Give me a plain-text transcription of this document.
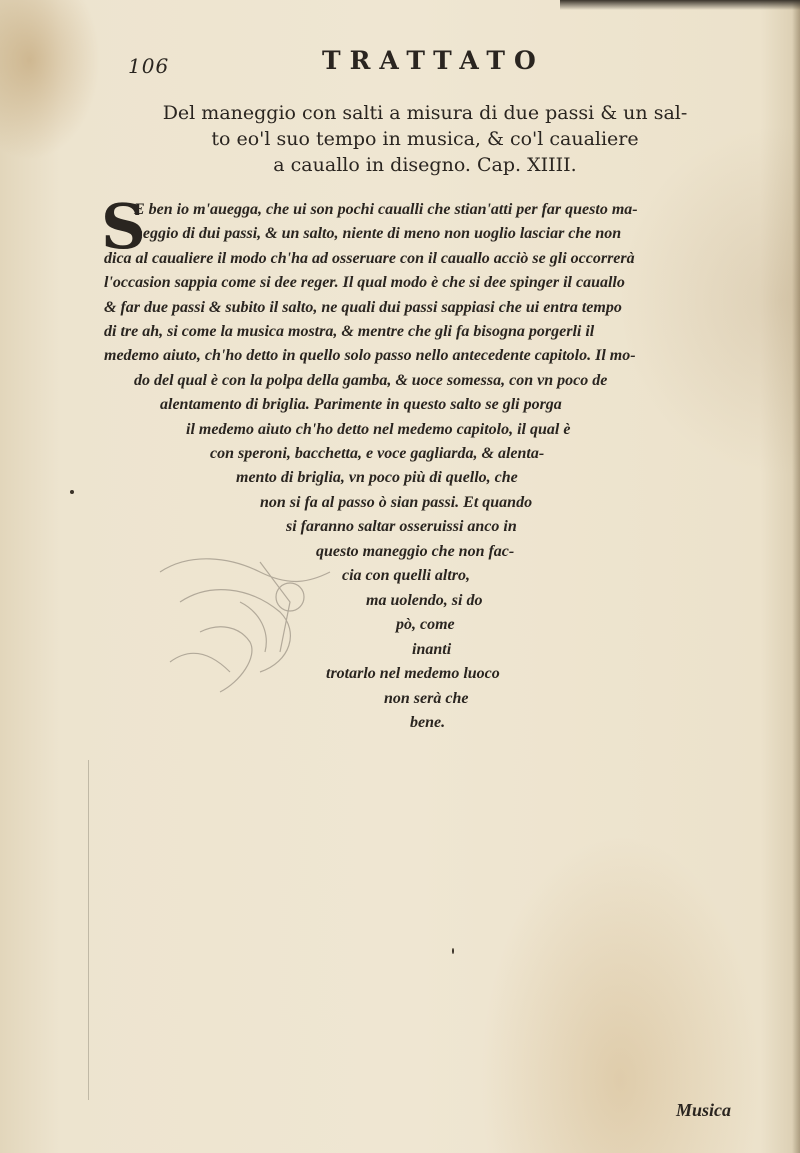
106	TRATTATO
Del maneggio con salti a misura di due passi & un sal-
to eo'l suo tempo in musica, & co'l caualiere
a cauallo in disegno. Cap. XIIII.
S
E ben io m'auegga, che ui son pochi caualli che stian'atti per far questo ma-
neggio di dui passi, & un salto, niente di meno non uoglio lasciar che non
dica al caualiere il modo ch'ha ad osseruare con il cauallo acciò se gli occorrerà
l'occasion sappia come si dee reger. Il qual modo è che si dee spinger il cauallo
& far due passi & subito il salto, ne quali dui passi sappiasi che ui entra tempo
di tre ah, si come la musica mostra, & mentre che gli fa bisogna porgerli il
medemo aiuto, ch'ho detto in quello solo passo nello antecedente capitolo. Il mo-
do del qual è con la polpa della gamba, & uoce somessa, con vn poco de
alentamento di briglia. Parimente in questo salto se gli porga
il medemo aiuto ch'ho detto nel medemo capitolo, il qual è
con speroni, bacchetta, e voce gagliarda, & alenta-
mento di briglia, vn poco più di quello, che
non si fa al passo ò sian passi. Et quando
si faranno saltar osseruissi anco in
questo maneggio che non fac-
cia con quelli altro,
ma uolendo, si do
pò, come
inanti
trotarlo nel medemo luoco
non serà che
bene.
Musica
